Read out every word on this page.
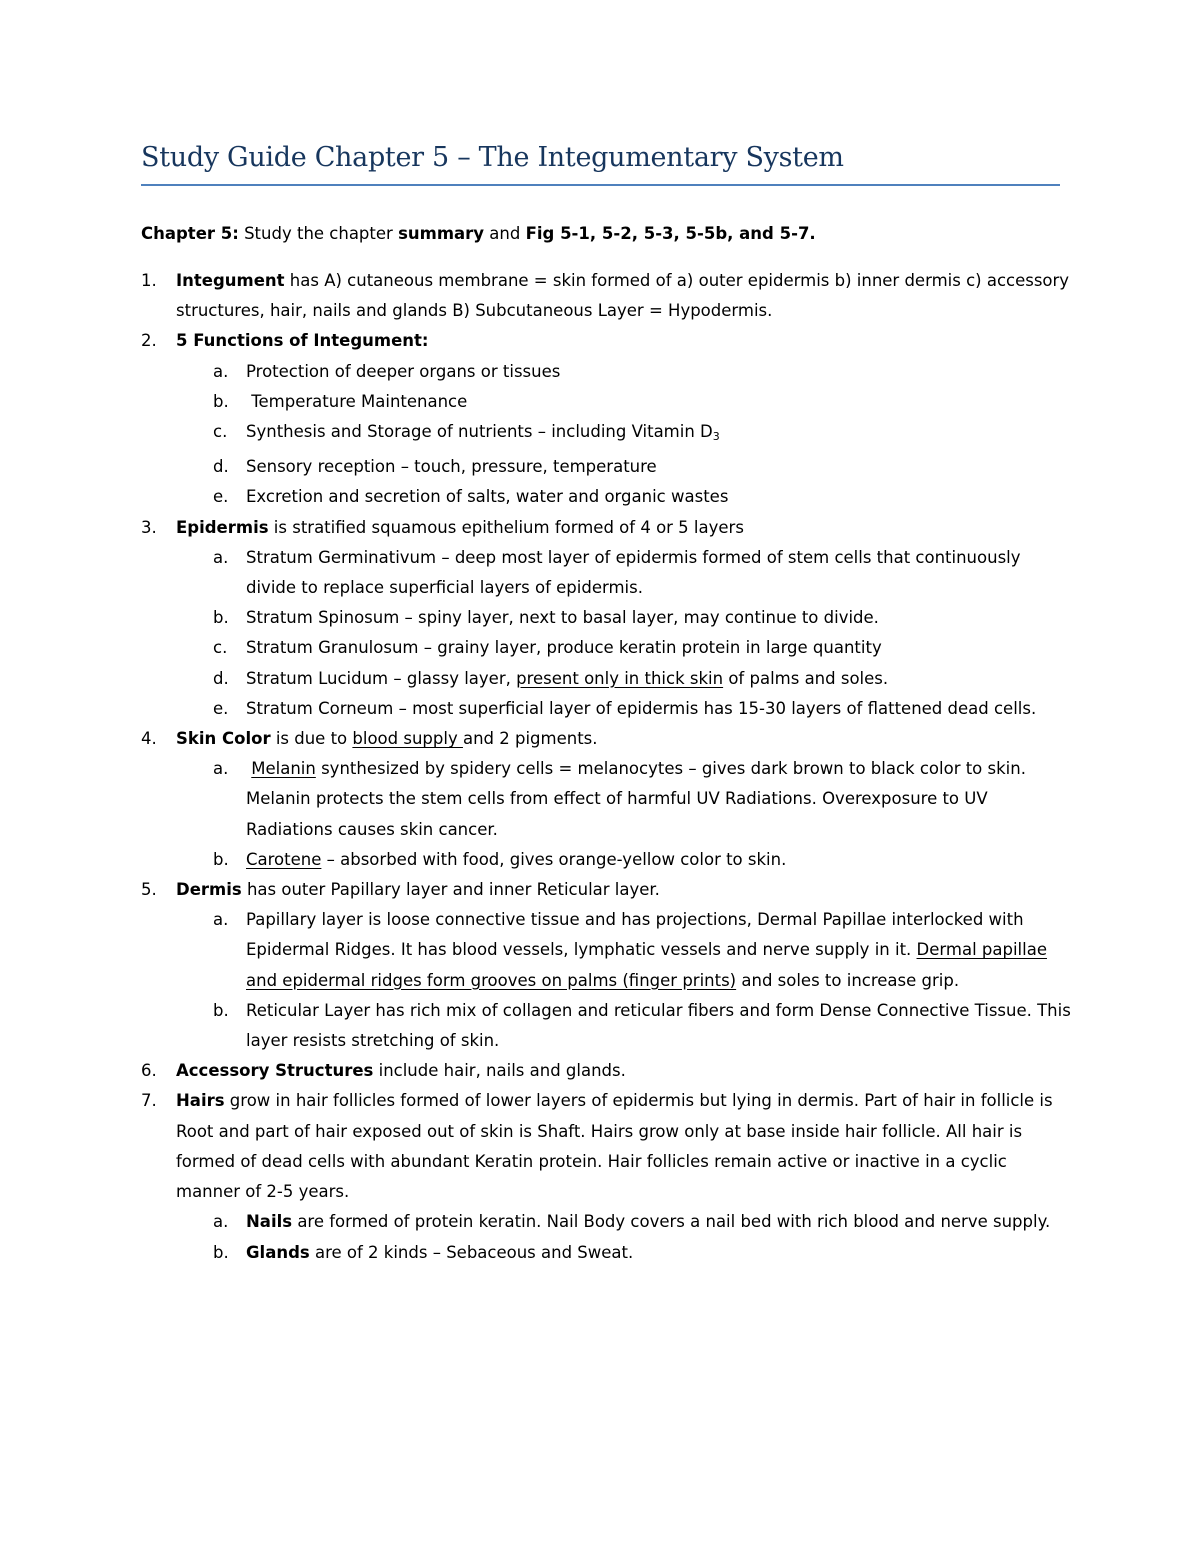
Study Guide Chapter 5 – The Integumentary System
Chapter 5: Study the chapter summary and Fig 5-1, 5-2, 5-3, 5-5b, and 5-7.
1. Integument has A) cutaneous membrane = skin formed of a) outer epidermis b) inner dermis c) accessory structures, hair, nails and glands B) Subcutaneous Layer = Hypodermis.
2. 5 Functions of Integument:
a. Protection of deeper organs or tissues
b. Temperature Maintenance
c. Synthesis and Storage of nutrients – including Vitamin D3
d. Sensory reception – touch, pressure, temperature
e. Excretion and secretion of salts, water and organic wastes
3. Epidermis is stratified squamous epithelium formed of 4 or 5 layers
a. Stratum Germinativum – deep most layer of epidermis formed of stem cells that continuously divide to replace superficial layers of epidermis.
b. Stratum Spinosum – spiny layer, next to basal layer, may continue to divide.
c. Stratum Granulosum – grainy layer, produce keratin protein in large quantity
d. Stratum Lucidum – glassy layer, present only in thick skin of palms and soles.
e. Stratum Corneum – most superficial layer of epidermis has 15-30 layers of flattened dead cells.
4. Skin Color is due to blood supply and 2 pigments.
a. Melanin synthesized by spidery cells = melanocytes – gives dark brown to black color to skin. Melanin protects the stem cells from effect of harmful UV Radiations. Overexposure to UV Radiations causes skin cancer.
b. Carotene – absorbed with food, gives orange-yellow color to skin.
5. Dermis has outer Papillary layer and inner Reticular layer.
a. Papillary layer is loose connective tissue and has projections, Dermal Papillae interlocked with Epidermal Ridges. It has blood vessels, lymphatic vessels and nerve supply in it. Dermal papillae and epidermal ridges form grooves on palms (finger prints) and soles to increase grip.
b. Reticular Layer has rich mix of collagen and reticular fibers and form Dense Connective Tissue. This layer resists stretching of skin.
6. Accessory Structures include hair, nails and glands.
7. Hairs grow in hair follicles formed of lower layers of epidermis but lying in dermis. Part of hair in follicle is Root and part of hair exposed out of skin is Shaft. Hairs grow only at base inside hair follicle. All hair is formed of dead cells with abundant Keratin protein. Hair follicles remain active or inactive in a cyclic manner of 2-5 years.
a. Nails are formed of protein keratin. Nail Body covers a nail bed with rich blood and nerve supply.
b. Glands are of 2 kinds – Sebaceous and Sweat.
